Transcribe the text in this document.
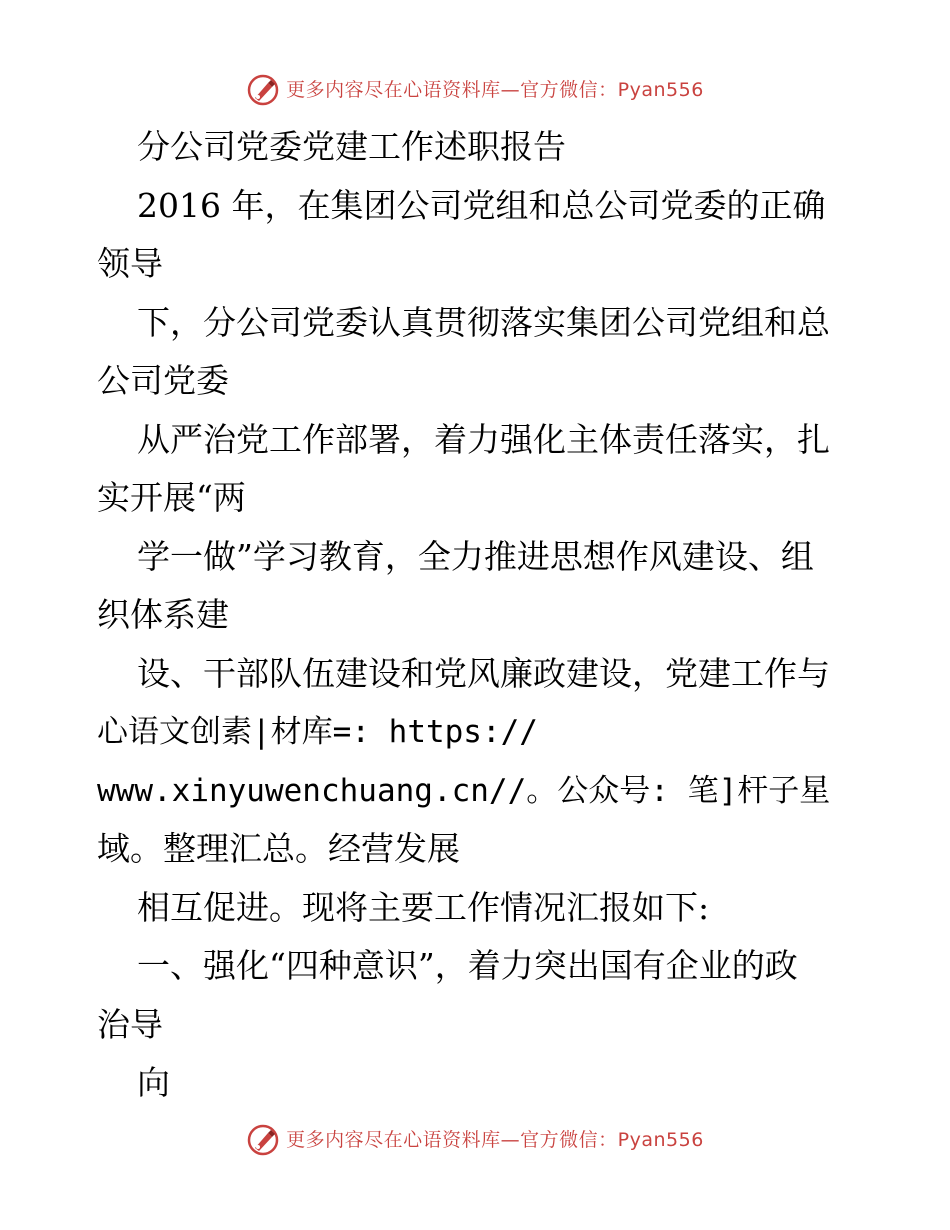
更多内容尽在心语资料库—官方微信：Pyan556
分公司党委党建工作述职报告
2016 年，在集团公司党组和总公司党委的正确
领导
下，分公司党委认真贯彻落实集团公司党组和总
公司党委
从严治党工作部署，着力强化主体责任落实，扎
实开展“两
学一做”学习教育，全力推进思想作风建设、组
织体系建
设、干部队伍建设和党风廉政建设，党建工作与
心语文创素|材库=: https://
www.xinyuwenchuang.cn//。公众号: 笔]杆子星
域。整理汇总。经营发展
相互促进。现将主要工作情况汇报如下:
一、强化“四种意识”，着力突出国有企业的政
治导
向
更多内容尽在心语资料库—官方微信：Pyan556
